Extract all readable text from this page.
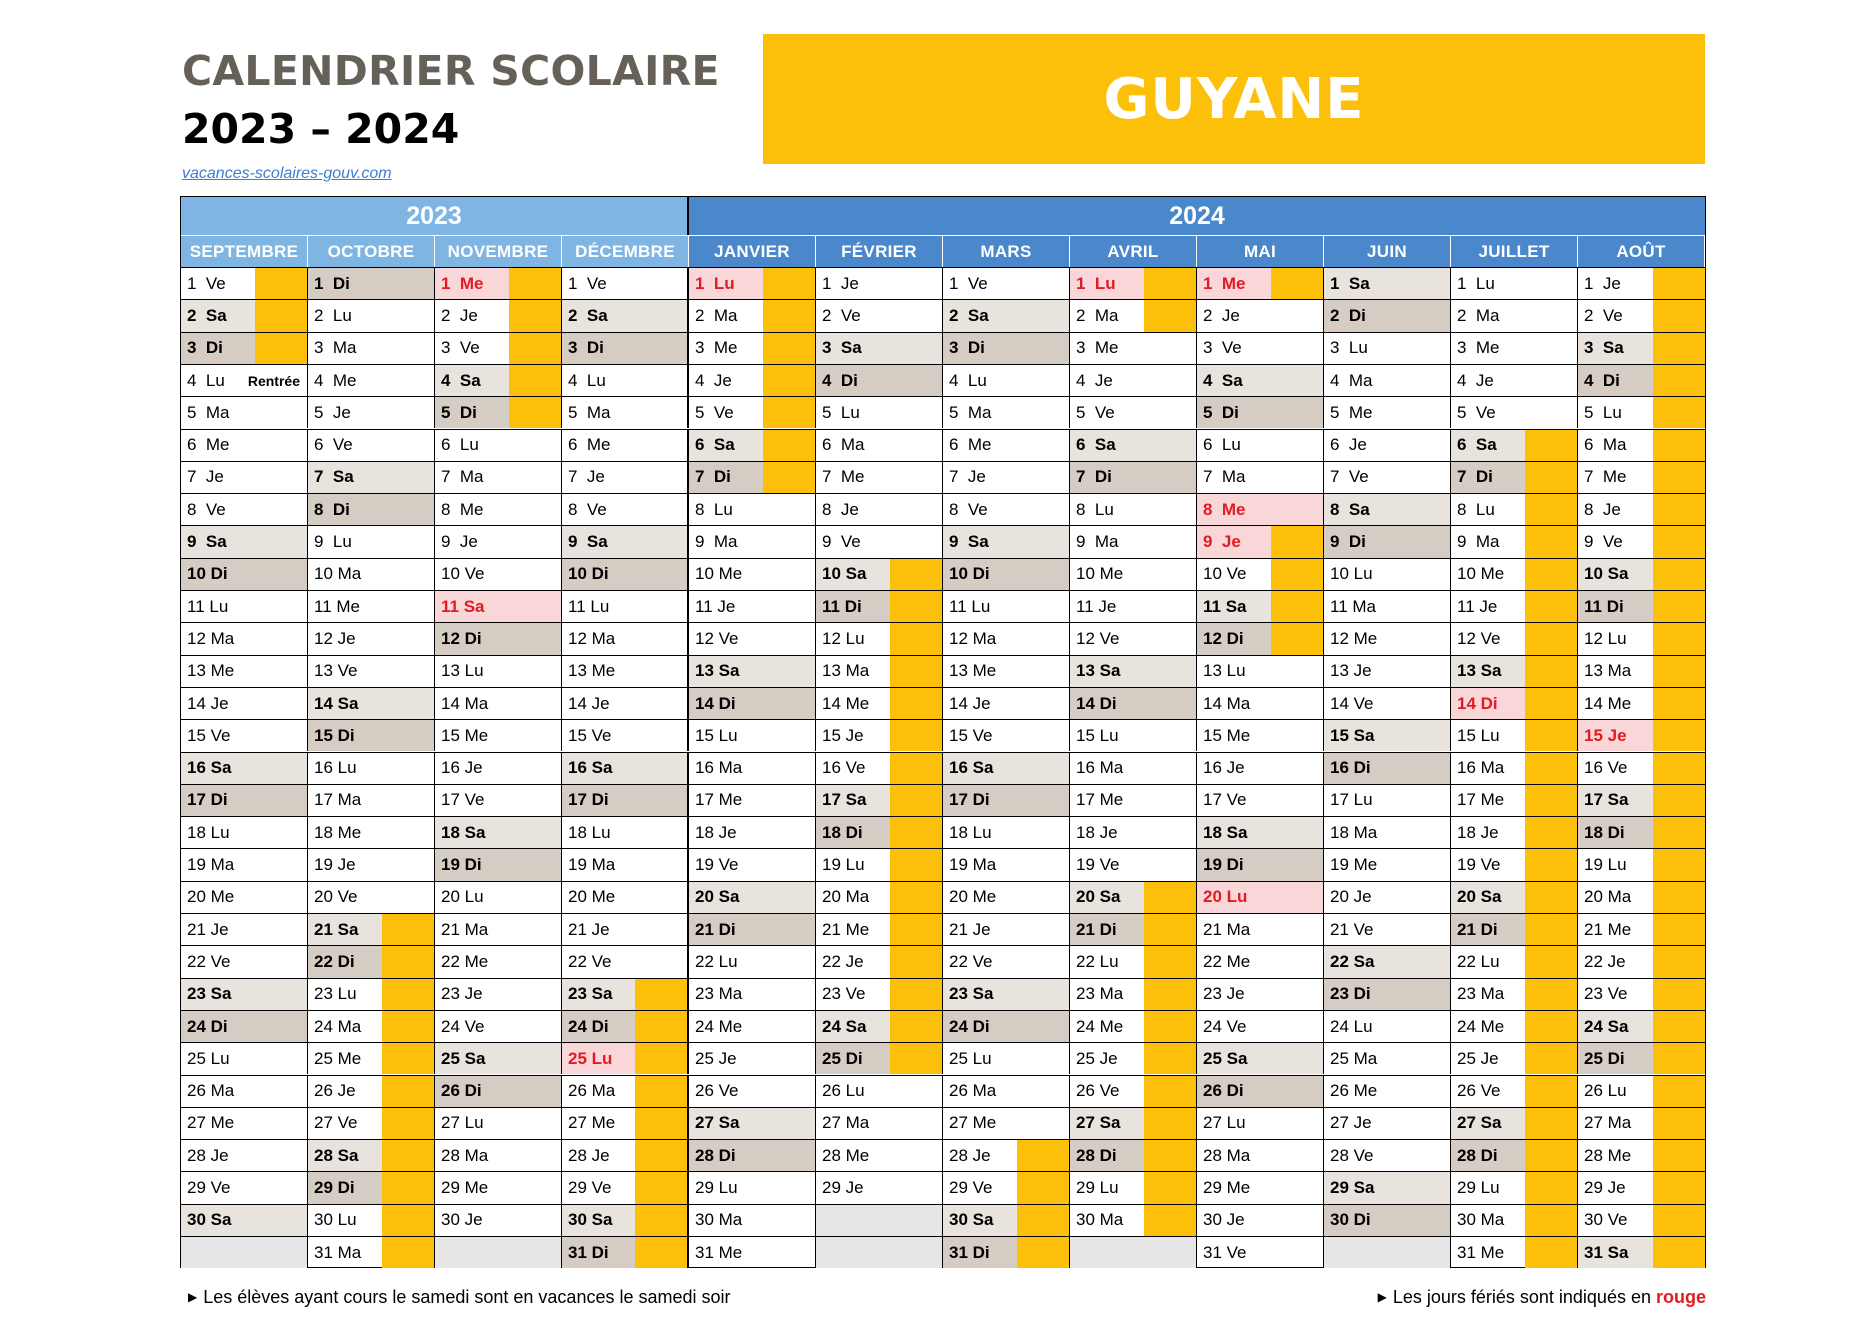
CALENDRIER SCOLAIRE
2023 – 2024
vacances-scolaires-gouv.com
GUYANE
2023	2024
SEPTEMBRE
1  Ve
2  Sa
3  Di
4  Lu Rentrée
5  Ma
6  Me
7  Je
8  Ve
9  Sa
10 Di
11 Lu
12 Ma
13 Me
14 Je
15 Ve
16 Sa
17 Di
18 Lu
19 Ma
20 Me
21 Je
22 Ve
23 Sa
24 Di
25 Lu
26 Ma
27 Me
28 Je
29 Ve
30 Sa
OCTOBRE
1  Di
2  Lu
3  Ma
4  Me
5  Je
6  Ve
7  Sa
8  Di
9  Lu
10 Ma
11 Me
12 Je
13 Ve
14 Sa
15 Di
16 Lu
17 Ma
18 Me
19 Je
20 Ve
21 Sa
22 Di
23 Lu
24 Ma
25 Me
26 Je
27 Ve
28 Sa
29 Di
30 Lu
31 Ma
NOVEMBRE
1  Me
2  Je
3  Ve
4  Sa
5  Di
6  Lu
7  Ma
8  Me
9  Je
10 Ve
11 Sa
12 Di
13 Lu
14 Ma
15 Me
16 Je
17 Ve
18 Sa
19 Di
20 Lu
21 Ma
22 Me
23 Je
24 Ve
25 Sa
26 Di
27 Lu
28 Ma
29 Me
30 Je
DÉCEMBRE
1  Ve
2  Sa
3  Di
4  Lu
5  Ma
6  Me
7  Je
8  Ve
9  Sa
10 Di
11 Lu
12 Ma
13 Me
14 Je
15 Ve
16 Sa
17 Di
18 Lu
19 Ma
20 Me
21 Je
22 Ve
23 Sa
24 Di
25 Lu
26 Ma
27 Me
28 Je
29 Ve
30 Sa
31 Di
JANVIER
1  Lu
2  Ma
3  Me
4  Je
5  Ve
6  Sa
7  Di
8  Lu
9  Ma
10 Me
11 Je
12 Ve
13 Sa
14 Di
15 Lu
16 Ma
17 Me
18 Je
19 Ve
20 Sa
21 Di
22 Lu
23 Ma
24 Me
25 Je
26 Ve
27 Sa
28 Di
29 Lu
30 Ma
31 Me
FÉVRIER
1  Je
2  Ve
3  Sa
4  Di
5  Lu
6  Ma
7  Me
8  Je
9  Ve
10 Sa
11 Di
12 Lu
13 Ma
14 Me
15 Je
16 Ve
17 Sa
18 Di
19 Lu
20 Ma
21 Me
22 Je
23 Ve
24 Sa
25 Di
26 Lu
27 Ma
28 Me
29 Je
MARS
1  Ve
2  Sa
3  Di
4  Lu
5  Ma
6  Me
7  Je
8  Ve
9  Sa
10 Di
11 Lu
12 Ma
13 Me
14 Je
15 Ve
16 Sa
17 Di
18 Lu
19 Ma
20 Me
21 Je
22 Ve
23 Sa
24 Di
25 Lu
26 Ma
27 Me
28 Je
29 Ve
30 Sa
31 Di
AVRIL
1  Lu
2  Ma
3  Me
4  Je
5  Ve
6  Sa
7  Di
8  Lu
9  Ma
10 Me
11 Je
12 Ve
13 Sa
14 Di
15 Lu
16 Ma
17 Me
18 Je
19 Ve
20 Sa
21 Di
22 Lu
23 Ma
24 Me
25 Je
26 Ve
27 Sa
28 Di
29 Lu
30 Ma
MAI
1  Me
2  Je
3  Ve
4  Sa
5  Di
6  Lu
7  Ma
8  Me
9  Je
10 Ve
11 Sa
12 Di
13 Lu
14 Ma
15 Me
16 Je
17 Ve
18 Sa
19 Di
20 Lu
21 Ma
22 Me
23 Je
24 Ve
25 Sa
26 Di
27 Lu
28 Ma
29 Me
30 Je
31 Ve
JUIN
1  Sa
2  Di
3  Lu
4  Ma
5  Me
6  Je
7  Ve
8  Sa
9  Di
10 Lu
11 Ma
12 Me
13 Je
14 Ve
15 Sa
16 Di
17 Lu
18 Ma
19 Me
20 Je
21 Ve
22 Sa
23 Di
24 Lu
25 Ma
26 Me
27 Je
28 Ve
29 Sa
30 Di
JUILLET
1  Lu
2  Ma
3  Me
4  Je
5  Ve
6  Sa
7  Di
8  Lu
9  Ma
10 Me
11 Je
12 Ve
13 Sa
14 Di
15 Lu
16 Ma
17 Me
18 Je
19 Ve
20 Sa
21 Di
22 Lu
23 Ma
24 Me
25 Je
26 Ve
27 Sa
28 Di
29 Lu
30 Ma
31 Me
AOÛT
1  Je
2  Ve
3  Sa
4  Di
5  Lu
6  Ma
7  Me
8  Je
9  Ve
10 Sa
11 Di
12 Lu
13 Ma
14 Me
15 Je
16 Ve
17 Sa
18 Di
19 Lu
20 Ma
21 Me
22 Je
23 Ve
24 Sa
25 Di
26 Lu
27 Ma
28 Me
29 Je
30 Ve
31 Sa
▶ Les élèves ayant cours le samedi sont en vacances le samedi soir	▶ Les jours fériés sont indiqués en rouge
